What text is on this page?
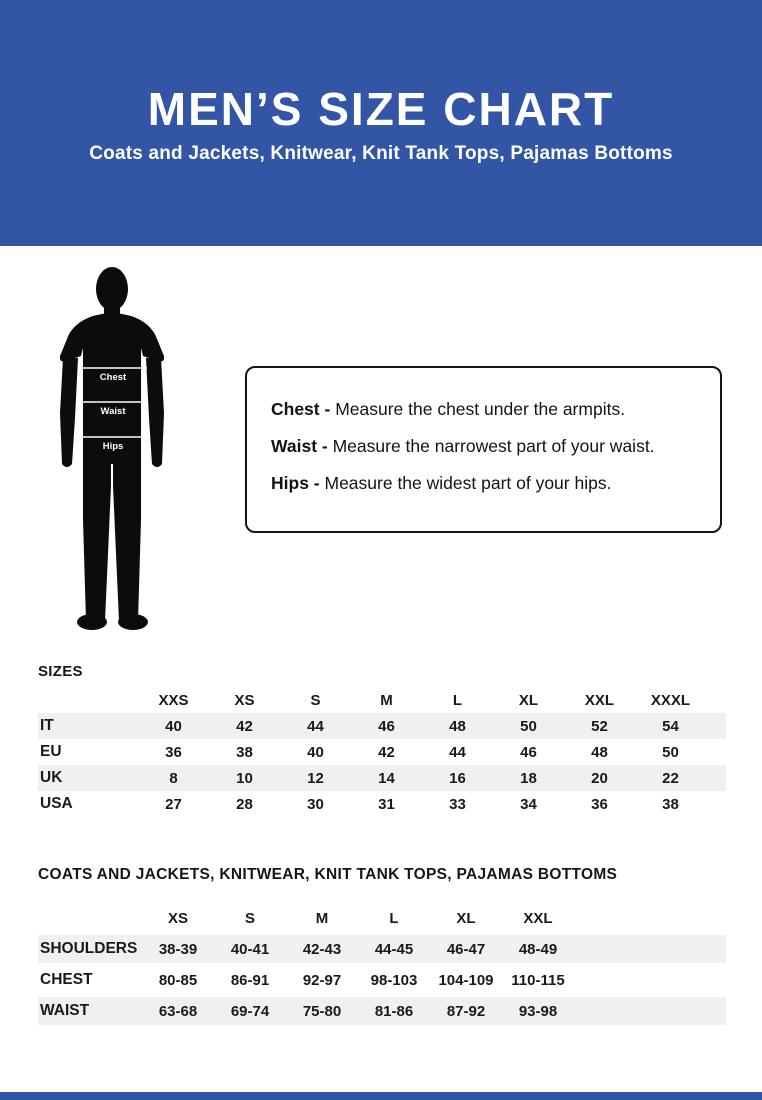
MEN’S SIZE CHART
Coats and Jackets, Knitwear, Knit Tank Tops, Pajamas Bottoms
Chest
Waist
Hips

Chest - Measure the chest under the armpits.

Waist - Measure the narrowest part of your waist.

Hips - Measure the widest part of your hips.

SIZES
	XXS	XS	S	M	L	XL	XXL	XXXL	
IT	40	42	44	46	48	50	52	54	
EU	36	38	40	42	44	46	48	50	
UK	8	10	12	14	16	18	20	22	
USA	27	28	30	31	33	34	36	38	
COATS AND JACKETS, KNITWEAR, KNIT TANK TOPS, PAJAMAS BOTTOMS
	XS	S	M	L	XL	XXL	
SHOULDERS	38-39	40-41	42-43	44-45	46-47	48-49	
CHEST	80-85	86-91	92-97	98-103	104-109	110-115	
WAIST	63-68	69-74	75-80	81-86	87-92	93-98	
